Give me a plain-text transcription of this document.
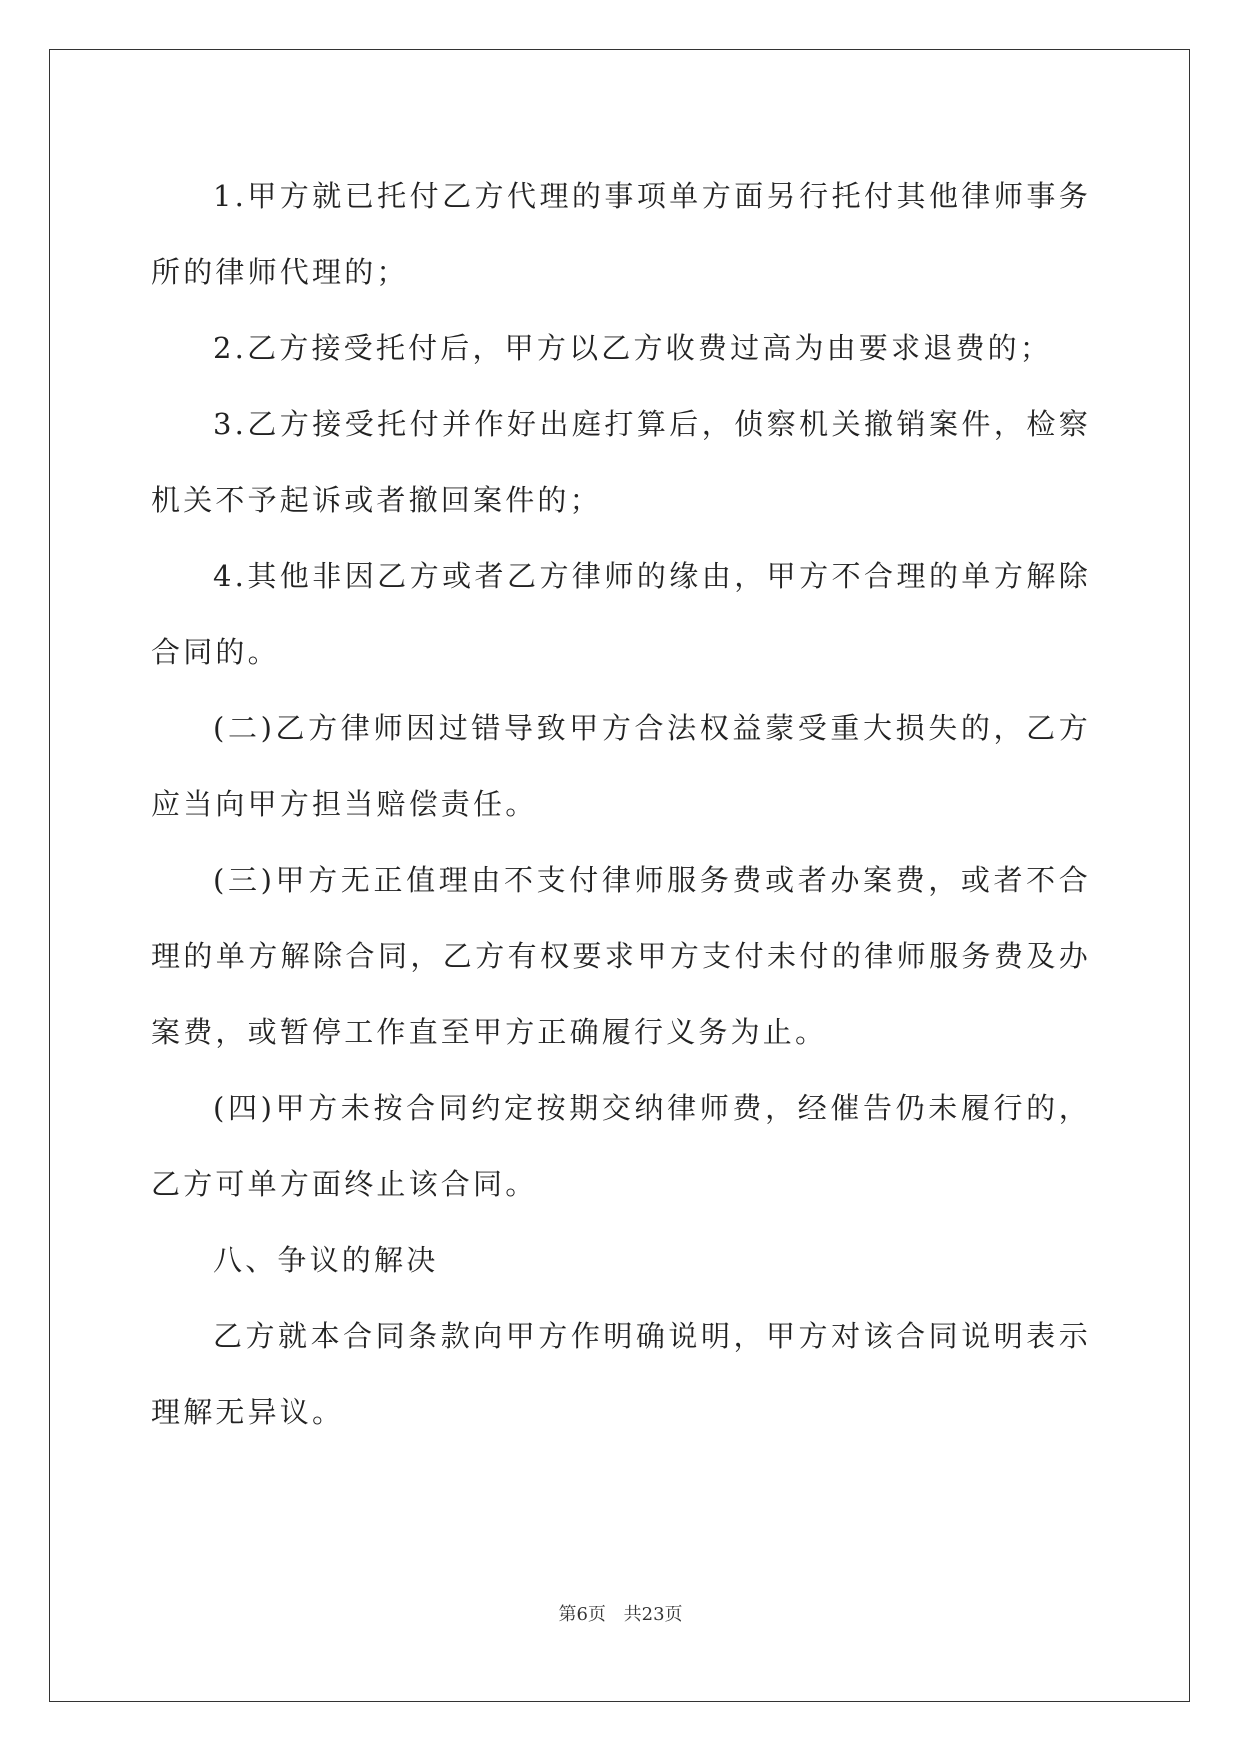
1.甲方就已托付乙方代理的事项单方面另行托付其他律师事务所的律师代理的；

2.乙方接受托付后，甲方以乙方收费过高为由要求退费的；

3.乙方接受托付并作好出庭打算后，侦察机关撤销案件，检察机关不予起诉或者撤回案件的；

4.其他非因乙方或者乙方律师的缘由，甲方不合理的单方解除合同的。

(二)乙方律师因过错导致甲方合法权益蒙受重大损失的，乙方应当向甲方担当赔偿责任。

(三)甲方无正值理由不支付律师服务费或者办案费，或者不合理的单方解除合同，乙方有权要求甲方支付未付的律师服务费及办案费，或暂停工作直至甲方正确履行义务为止。

(四)甲方未按合同约定按期交纳律师费，经催告仍未履行的，乙方可单方面终止该合同。

八、争议的解决

乙方就本合同条款向甲方作明确说明，甲方对该合同说明表示理解无异议。

第6页 共23页
